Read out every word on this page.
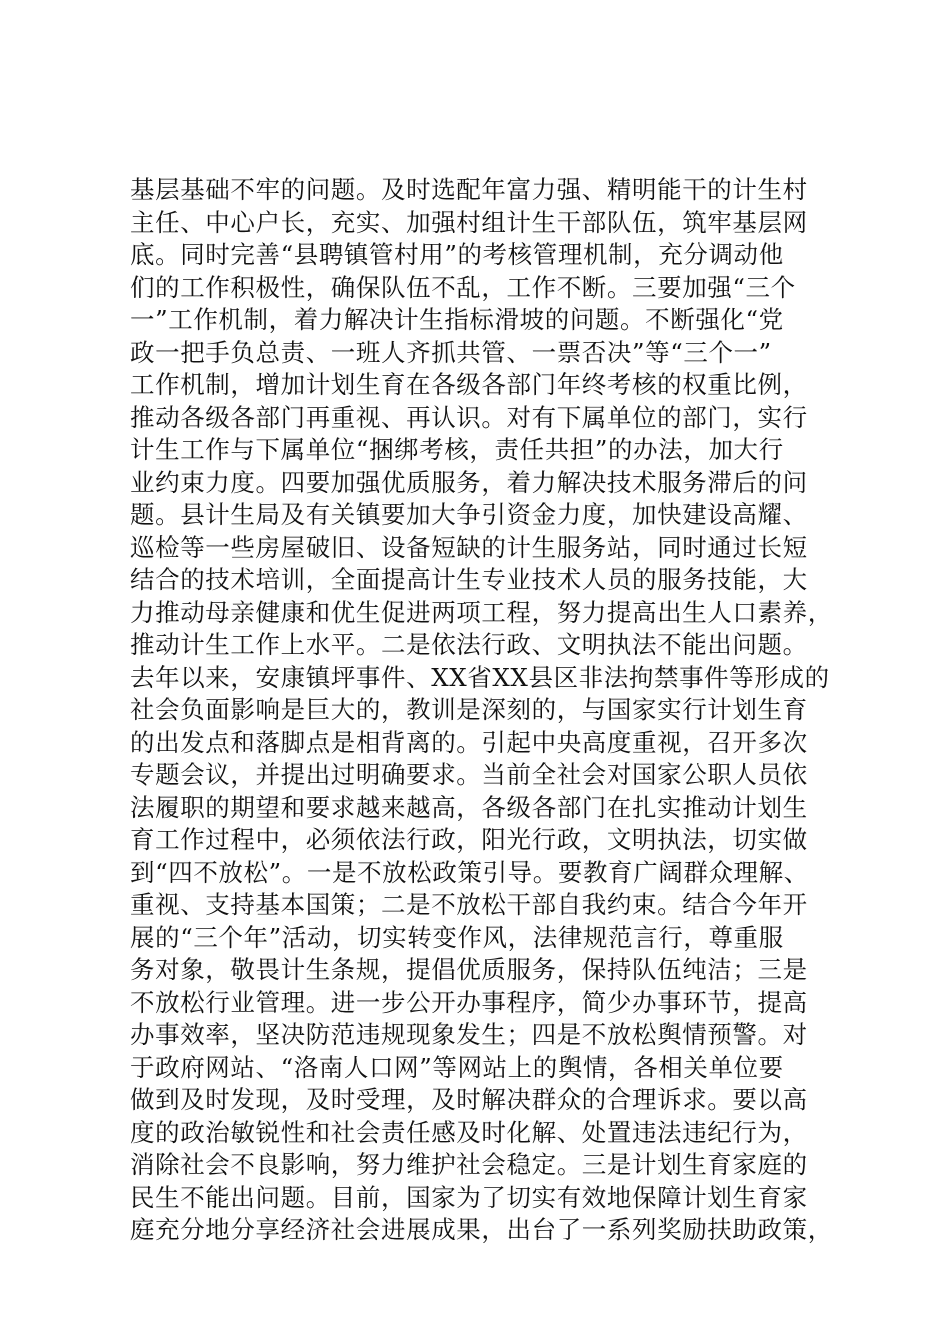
基层基础不牢的问题。及时选配年富力强、精明能干的计生村
主任、中心户长，充实、加强村组计生干部队伍，筑牢基层网
底。同时完善“县聘镇管村用”的考核管理机制，充分调动他
们的工作积极性，确保队伍不乱，工作不断。三要加强“三个
一”工作机制，着力解决计生指标滑坡的问题。不断强化“党
政一把手负总责、一班人齐抓共管、一票否决”等“三个一”
工作机制，增加计划生育在各级各部门年终考核的权重比例，
推动各级各部门再重视、再认识。对有下属单位的部门，实行
计生工作与下属单位“捆绑考核，责任共担”的办法，加大行
业约束力度。四要加强优质服务，着力解决技术服务滞后的问
题。县计生局及有关镇要加大争引资金力度，加快建设高耀、
巡检等一些房屋破旧、设备短缺的计生服务站，同时通过长短
结合的技术培训，全面提高计生专业技术人员的服务技能，大
力推动母亲健康和优生促进两项工程，努力提高出生人口素养，
推动计生工作上水平。二是依法行政、文明执法不能出问题。
去年以来，安康镇坪事件、XX省XX县区非法拘禁事件等形成的
社会负面影响是巨大的，教训是深刻的，与国家实行计划生育
的出发点和落脚点是相背离的。引起中央高度重视，召开多次
专题会议，并提出过明确要求。当前全社会对国家公职人员依
法履职的期望和要求越来越高，各级各部门在扎实推动计划生
育工作过程中，必须依法行政，阳光行政，文明执法，切实做
到“四不放松”。一是不放松政策引导。要教育广阔群众理解、
重视、支持基本国策；二是不放松干部自我约束。结合今年开
展的“三个年”活动，切实转变作风，法律规范言行，尊重服
务对象，敬畏计生条规，提倡优质服务，保持队伍纯洁；三是
不放松行业管理。进一步公开办事程序，简少办事环节，提高
办事效率，坚决防范违规现象发生；四是不放松舆情预警。对
于政府网站、“洛南人口网”等网站上的舆情，各相关单位要
做到及时发现，及时受理，及时解决群众的合理诉求。要以高
度的政治敏锐性和社会责任感及时化解、处置违法违纪行为，
消除社会不良影响，努力维护社会稳定。三是计划生育家庭的
民生不能出问题。目前，国家为了切实有效地保障计划生育家
庭充分地分享经济社会进展成果，出台了一系列奖励扶助政策，
